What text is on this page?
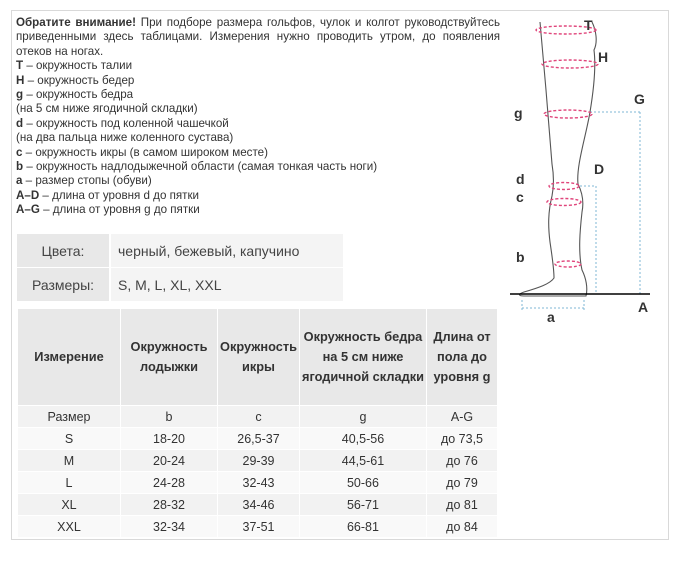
Обратите внимание! При подборе размера гольфов, чулок и колгот руководствуйтесь приведенными здесь таблицами. Измерения нужно проводить утром, до появления отеков на ногах.
T – окружность талии
H – окружность бедер
g – окружность бедра
(на 5 см ниже ягодичной складки)
d – окружность под коленной чашечкой
(на два пальца ниже коленного сустава)
c – окружность икры (в самом широком месте)
b – окружность надлодыжечной области (самая тонкая часть ноги)
a – размер стопы (обуви)
A–D – длина от уровня d до пятки
A–G – длина от уровня g до пятки
Цвета:	черный, бежевый, капучино
Размеры:	S, M, L, XL, XXL
Измерение	Окружность лодыжки	Окружность икры	Окружность бедра на 5 см ниже ягодичной складки	Длина от пола до уровня g
Размер	b	c	g	A-G
S	18-20	26,5-37	40,5-56	до 73,5
M	20-24	29-39	44,5-61	до 76
L	24-28	32-43	50-66	до 79
XL	28-32	34-46	56-71	до 81
XXL	32-34	37-51	66-81	до 84
T
H
G
g
d
D
c
b
a
A
